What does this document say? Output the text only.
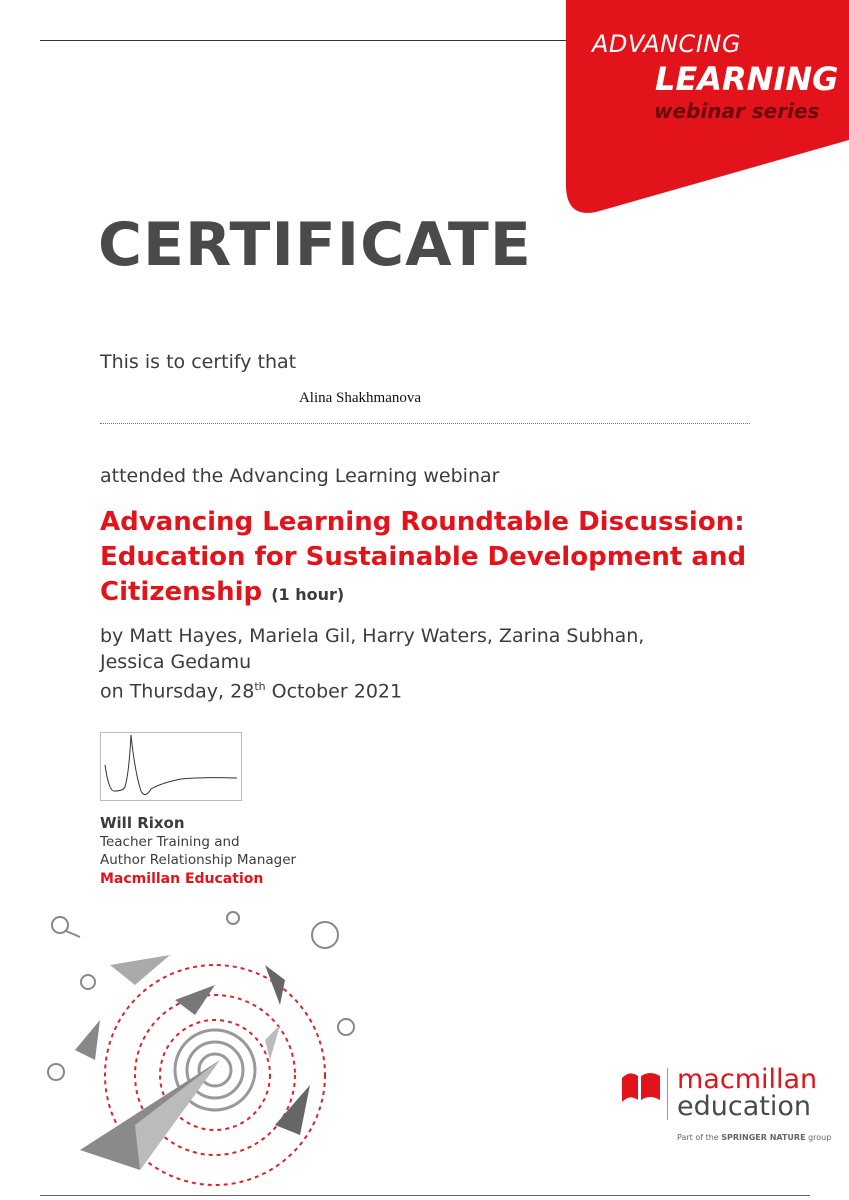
ADVANCING
LEARNING
webinar series
CERTIFICATE
This is to certify that
Alina Shakhmanova
attended the Advancing Learning webinar
Advancing Learning Roundtable Discussion: Education for Sustainable Development and Citizenship (1 hour)
by Matt Hayes, Mariela Gil, Harry Waters, Zarina Subhan,
Jessica Gedamu
on Thursday, 28th October 2021
Will Rixon
Teacher Training and
Author Relationship Manager
Macmillan Education
macmillan
education
Part of the SPRINGER NATURE group
